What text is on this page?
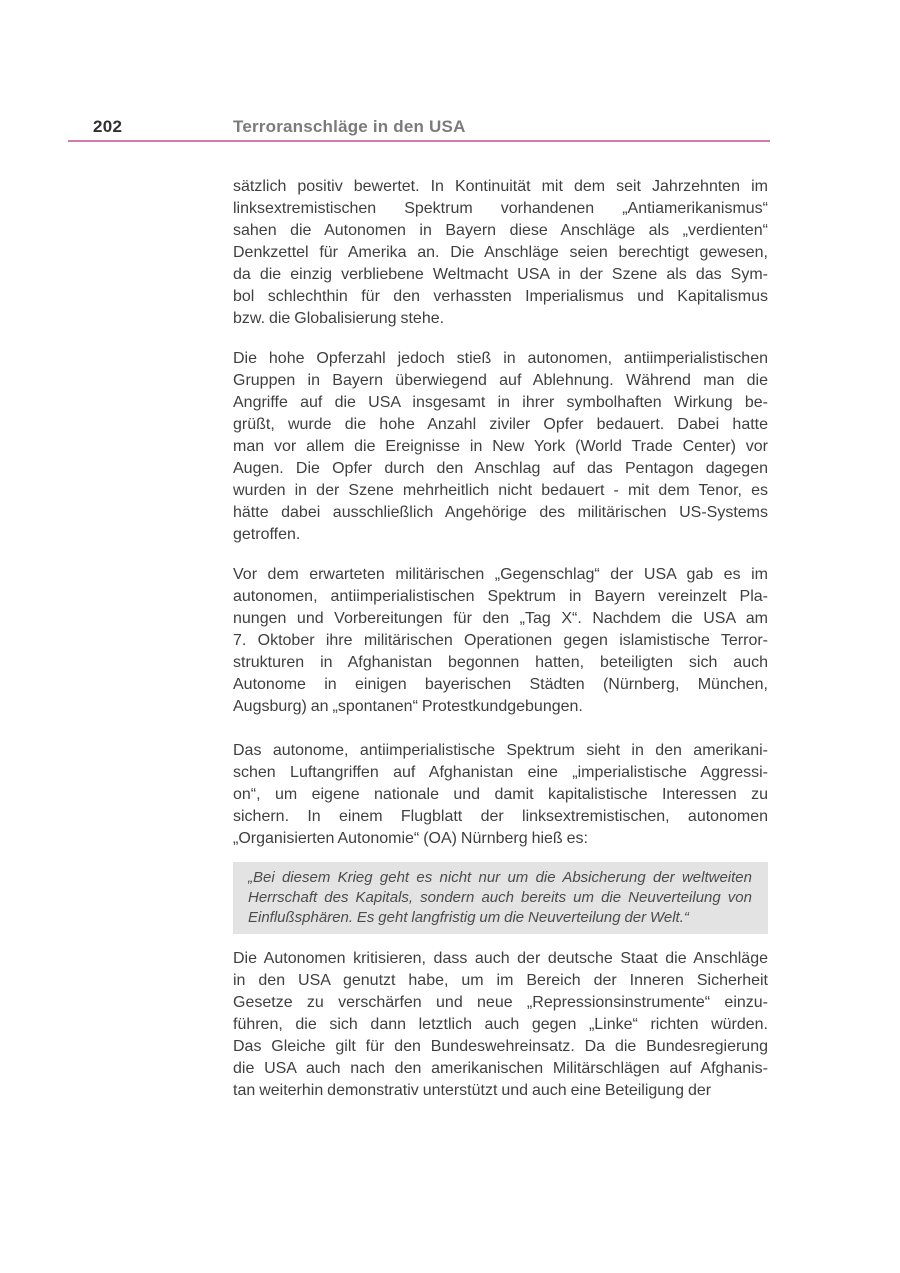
202	Terroranschläge in den USA
sätzlich positiv bewertet. In Kontinuität mit dem seit Jahrzehnten im
linksextremistischen Spektrum vorhandenen „Antiamerikanismus“
sahen die Autonomen in Bayern diese Anschläge als „verdienten“
Denkzettel für Amerika an. Die Anschläge seien berechtigt gewesen,
da die einzig verbliebene Weltmacht USA in der Szene als das Sym-
bol schlechthin für den verhassten Imperialismus und Kapitalismus
bzw. die Globalisierung stehe.
Die hohe Opferzahl jedoch stieß in autonomen, antiimperialistischen
Gruppen in Bayern überwiegend auf Ablehnung. Während man die
Angriffe auf die USA insgesamt in ihrer symbolhaften Wirkung be-
grüßt, wurde die hohe Anzahl ziviler Opfer bedauert. Dabei hatte
man vor allem die Ereignisse in New York (World Trade Center) vor
Augen. Die Opfer durch den Anschlag auf das Pentagon dagegen
wurden in der Szene mehrheitlich nicht bedauert - mit dem Tenor, es
hätte dabei ausschließlich Angehörige des militärischen US-Systems
getroffen.
Vor dem erwarteten militärischen „Gegenschlag“ der USA gab es im
autonomen, antiimperialistischen Spektrum in Bayern vereinzelt Pla-
nungen und Vorbereitungen für den „Tag X“. Nachdem die USA am
7. Oktober ihre militärischen Operationen gegen islamistische Terror-
strukturen in Afghanistan begonnen hatten, beteiligten sich auch
Autonome in einigen bayerischen Städten (Nürnberg, München,
Augsburg) an „spontanen“ Protestkundgebungen.
Das autonome, antiimperialistische Spektrum sieht in den amerikani-
schen Luftangriffen auf Afghanistan eine „imperialistische Aggressi-
on“, um eigene nationale und damit kapitalistische Interessen zu
sichern. In einem Flugblatt der linksextremistischen, autonomen
„Organisierten Autonomie“ (OA) Nürnberg hieß es:
„Bei diesem Krieg geht es nicht nur um die Absicherung der weltweiten
Herrschaft des Kapitals, sondern auch bereits um die Neuverteilung von
Einflußsphären. Es geht langfristig um die Neuverteilung der Welt.“
Die Autonomen kritisieren, dass auch der deutsche Staat die Anschläge
in den USA genutzt habe, um im Bereich der Inneren Sicherheit
Gesetze zu verschärfen und neue „Repressionsinstrumente“ einzu-
führen, die sich dann letztlich auch gegen „Linke“ richten würden.
Das Gleiche gilt für den Bundeswehreinsatz. Da die Bundesregierung
die USA auch nach den amerikanischen Militärschlägen auf Afghanis-
tan weiterhin demonstrativ unterstützt und auch eine Beteiligung der
